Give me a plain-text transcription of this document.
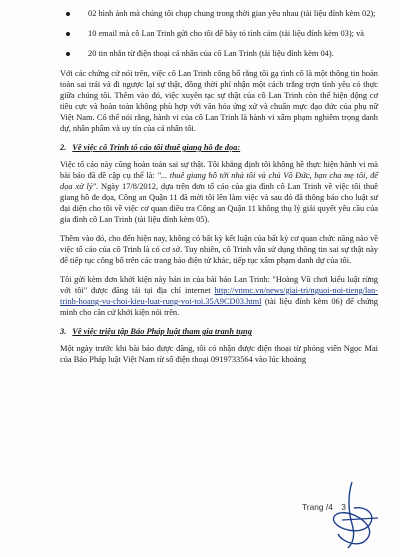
02 hình ảnh mà chúng tôi chụp chung trong thời gian yêu nhau (tài liệu đính kèm 02);
10 email mà cô Lan Trinh gửi cho tôi để bày tỏ tình cảm (tài liệu đính kèm 03); và
20 tin nhắn từ điện thoại cá nhân của cô Lan Trinh (tài liệu đính kèm 04).

Với các chứng cứ nói trên, việc cô Lan Trinh công bố rằng tôi gạ tình cô là một thông tin hoàn toàn sai trái và đi ngược lại sự thật, đồng thời phỉ nhận một cách trắng trợn tình yêu có thực giữa chúng tôi. Thêm vào đó, việc xuyên tạc sự thật của cô Lan Trinh còn thể hiện động cơ tiêu cực và hoàn toàn không phù hợp với văn hóa ứng xử và chuẩn mực đạo đức của phụ nữ Việt Nam. Cô thể nói rằng, hành vi của cô Lan Trinh là hành vi xâm phạm nghiêm trọng danh dự, nhân phẩm và uy tín của cá nhân tôi.

2. Về việc cô Trinh tố cáo tôi thuê giang hồ đe dọa:

Việc tố cáo này cũng hoàn toàn sai sự thật. Tôi khẳng định tôi không hề thực hiện hành vi mà bài báo đã đề cập cụ thể là: "... thuê giang hồ tới nhà tôi và chú Võ Đức, bạn cha mẹ tôi, để dọa xử lý". Ngày 17/8/2012, dựa trên đơn tố cáo của gia đình cô Lan Trinh về việc tôi thuê giang hồ đe dọa, Công an Quận 11 đã mời tôi lên làm việc và sau đó đã thông báo cho luật sư đại diện cho tôi về việc cơ quan điều tra Công an Quận 11 không thụ lý giải quyết yêu cầu của gia đình cô Lan Trinh (tài liệu đính kèm 05).

Thêm vào đó, cho đến hiện nay, không có bất kỳ kết luận của bất kỳ cơ quan chức năng nào về việc tố cáo của cô Trinh là có cơ sở. Tuy nhiên, cô Trinh vẫn sử dụng thông tin sai sự thật này để tiếp tục công bố trên các trang báo điện tử khác, tiếp tục xâm phạm danh dự của tôi.

Tôi gửi kèm đơn khởi kiện này bản in của bài báo Lan Trinh: "Hoàng Vũ chơi kiểu luật rừng với tôi" được đăng tải tại địa chỉ internet http://vnmc.vn/news/giai-tri/nguoi-noi-tieng/lan-trinh-hoang-vu-choi-kieu-luat-rung-voi-toi.35A9CD03.html (tài liệu đính kèm 06) để chứng minh cho căn cứ khởi kiện nói trên.

3. Về việc triệu tập Báo Pháp luật tham gia tranh tụng

Một ngày trước khi bài báo được đăng, tôi có nhận được điện thoại từ phóng viên Ngọc Mai của Báo Pháp luật Việt Nam từ số điện thoại 0919733564 vào lúc khoảng

Trang /4 3
